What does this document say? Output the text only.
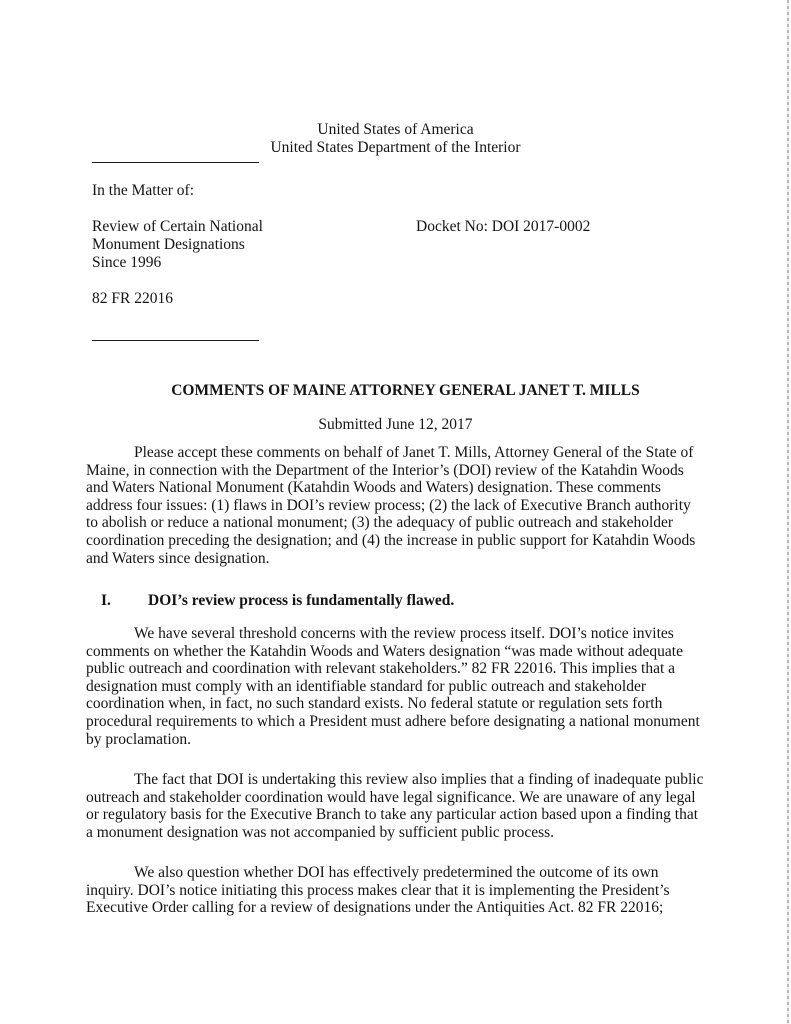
United States of America
United States Department of the Interior
In the Matter of:
Review of Certain National
Monument Designations
Since 1996
Docket No: DOI 2017-0002
82 FR 22016
COMMENTS OF MAINE ATTORNEY GENERAL JANET T. MILLS
Submitted June 12, 2017
Please accept these comments on behalf of Janet T. Mills, Attorney General of the State of Maine, in connection with the Department of the Interior’s (DOI) review of the Katahdin Woods and Waters National Monument (Katahdin Woods and Waters) designation. These comments address four issues: (1) flaws in DOI’s review process; (2) the lack of Executive Branch authority to abolish or reduce a national monument; (3) the adequacy of public outreach and stakeholder coordination preceding the designation; and (4) the increase in public support for Katahdin Woods and Waters since designation.
I. DOI’s review process is fundamentally flawed.
We have several threshold concerns with the review process itself. DOI’s notice invites comments on whether the Katahdin Woods and Waters designation “was made without adequate public outreach and coordination with relevant stakeholders.” 82 FR 22016. This implies that a designation must comply with an identifiable standard for public outreach and stakeholder coordination when, in fact, no such standard exists. No federal statute or regulation sets forth procedural requirements to which a President must adhere before designating a national monument by proclamation.
The fact that DOI is undertaking this review also implies that a finding of inadequate public outreach and stakeholder coordination would have legal significance. We are unaware of any legal or regulatory basis for the Executive Branch to take any particular action based upon a finding that a monument designation was not accompanied by sufficient public process.
We also question whether DOI has effectively predetermined the outcome of its own inquiry. DOI’s notice initiating this process makes clear that it is implementing the President’s Executive Order calling for a review of designations under the Antiquities Act. 82 FR 22016;
